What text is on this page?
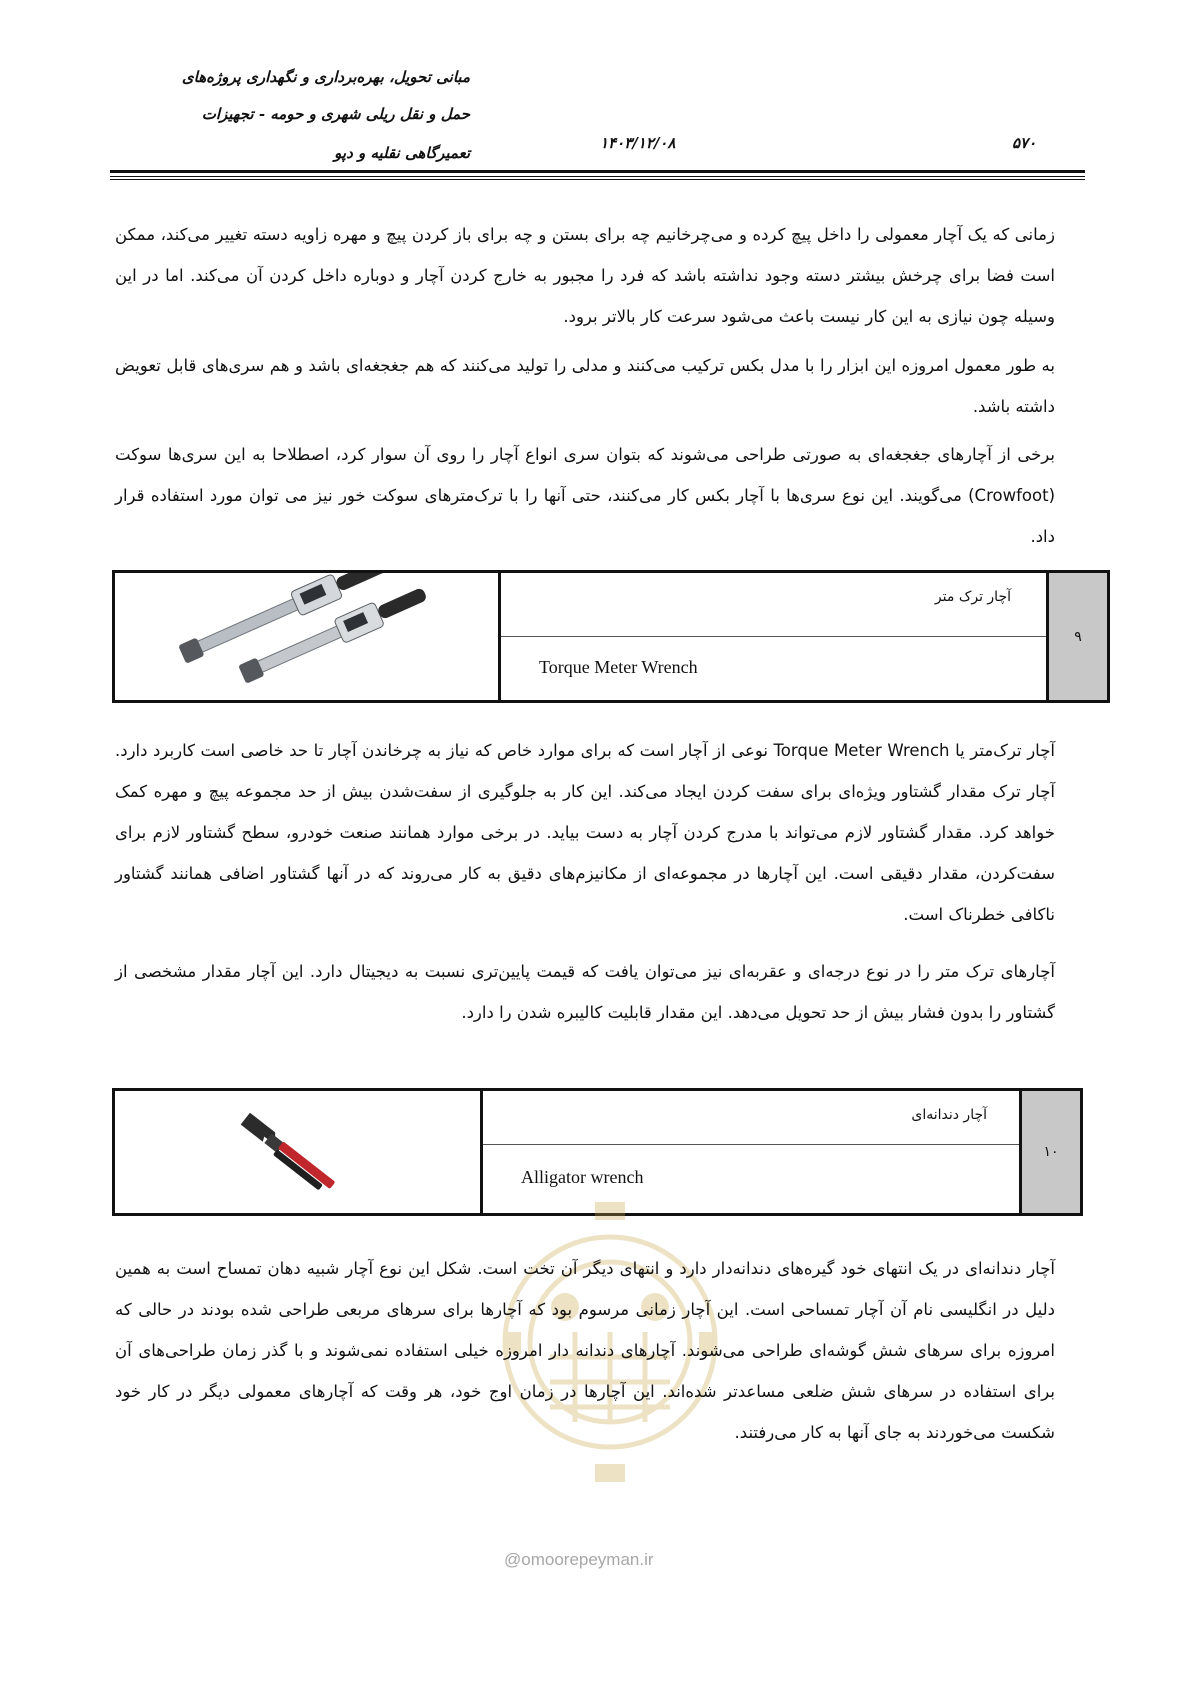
مبانی تحویل، بهره‌برداری و نگهداری پروژه‌های
حمل و نقل ریلی شهری و حومه - تجهیزات
تعمیرگاهی نقلیه و دپو
۱۴۰۳/۱۲/۰۸	۵۷۰

زمانی که یک آچار معمولی را داخل پیچ کرده و می‌چرخانیم چه برای بستن و چه برای باز کردن پیچ و مهره زاویه دسته تغییر می‌کند، ممکن است فضا برای چرخش بیشتر دسته وجود نداشته باشد که فرد را مجبور به خارج کردن آچار و دوباره داخل کردن آن می‌کند. اما در این وسیله چون نیازی به این کار نیست باعث می‌شود سرعت کار بالاتر برود.

به طور معمول امروزه این ابزار را با مدل بکس ترکیب می‌کنند و مدلی را تولید می‌کنند که هم جغجغه‌ای باشد و هم سری‌های قابل تعویض داشته باشد.

برخی از آچارهای جغجغه‌ای به صورتی طراحی می‌شوند که بتوان سری انواع آچار را روی آن سوار کرد، اصطلاحا به این سری‌ها سوکت (Crowfoot) می‌گویند. این نوع سری‌ها با آچار بکس کار می‌کنند، حتی آنها را با ترک‌مترهای سوکت خور نیز می توان مورد استفاده قرار داد.

آچار ترک متر
Torque Meter Wrench
۹

آچار ترک‌متر یا Torque Meter Wrench نوعی از آچار است که برای موارد خاص که نیاز به چرخاندن آچار تا حد خاصی است کاربرد دارد. آچار ترک مقدار گشتاور ویژه‌ای برای سفت کردن ایجاد می‌کند. این کار به جلوگیری از سفت‌شدن بیش از حد مجموعه پیچ و مهره کمک خواهد کرد. مقدار گشتاور لازم می‌تواند با مدرج کردن آچار به دست بیاید. در برخی موارد همانند صنعت خودرو، سطح گشتاور لازم برای سفت‌کردن، مقدار دقیقی است. این آچارها در مجموعه‌ای از مکانیزم‌های دقیق به کار می‌روند که در آنها گشتاور اضافی همانند گشتاور ناکافی خطرناک است.

آچارهای ترک متر را در نوع درجه‌ای و عقربه‌ای نیز می‌توان یافت که قیمت پایین‌تری نسبت به دیجیتال دارد. این آچار مقدار مشخصی از گشتاور را بدون فشار بیش از حد تحویل می‌دهد. این مقدار قابلیت کالیبره شدن را دارد.

آچار دندانه‌ای
Alligator wrench
۱۰
@omoorepeyman.ir

آچار دندانه‌ای در یک انتهای خود گیره‌های دندانه‌دار دارد و انتهای دیگر آن تخت است. شکل این نوع آچار شبیه دهان تمساح است به همین دلیل در انگلیسی نام آن آچار تمساحی است. این آچار زمانی مرسوم بود که آچارها برای سرهای مربعی طراحی شده بودند در حالی که امروزه برای سرهای شش گوشه‌ای طراحی می‌شوند. آچارهای دندانه دار امروزه خیلی استفاده نمی‌شوند و با گذر زمان طراحی‌های آن برای استفاده در سرهای شش ضلعی مساعدتر شده‌اند. این آچارها در زمان اوج خود، هر وقت که آچارهای معمولی دیگر در کار خود شکست می‌خوردند به جای آنها به کار می‌رفتند.
